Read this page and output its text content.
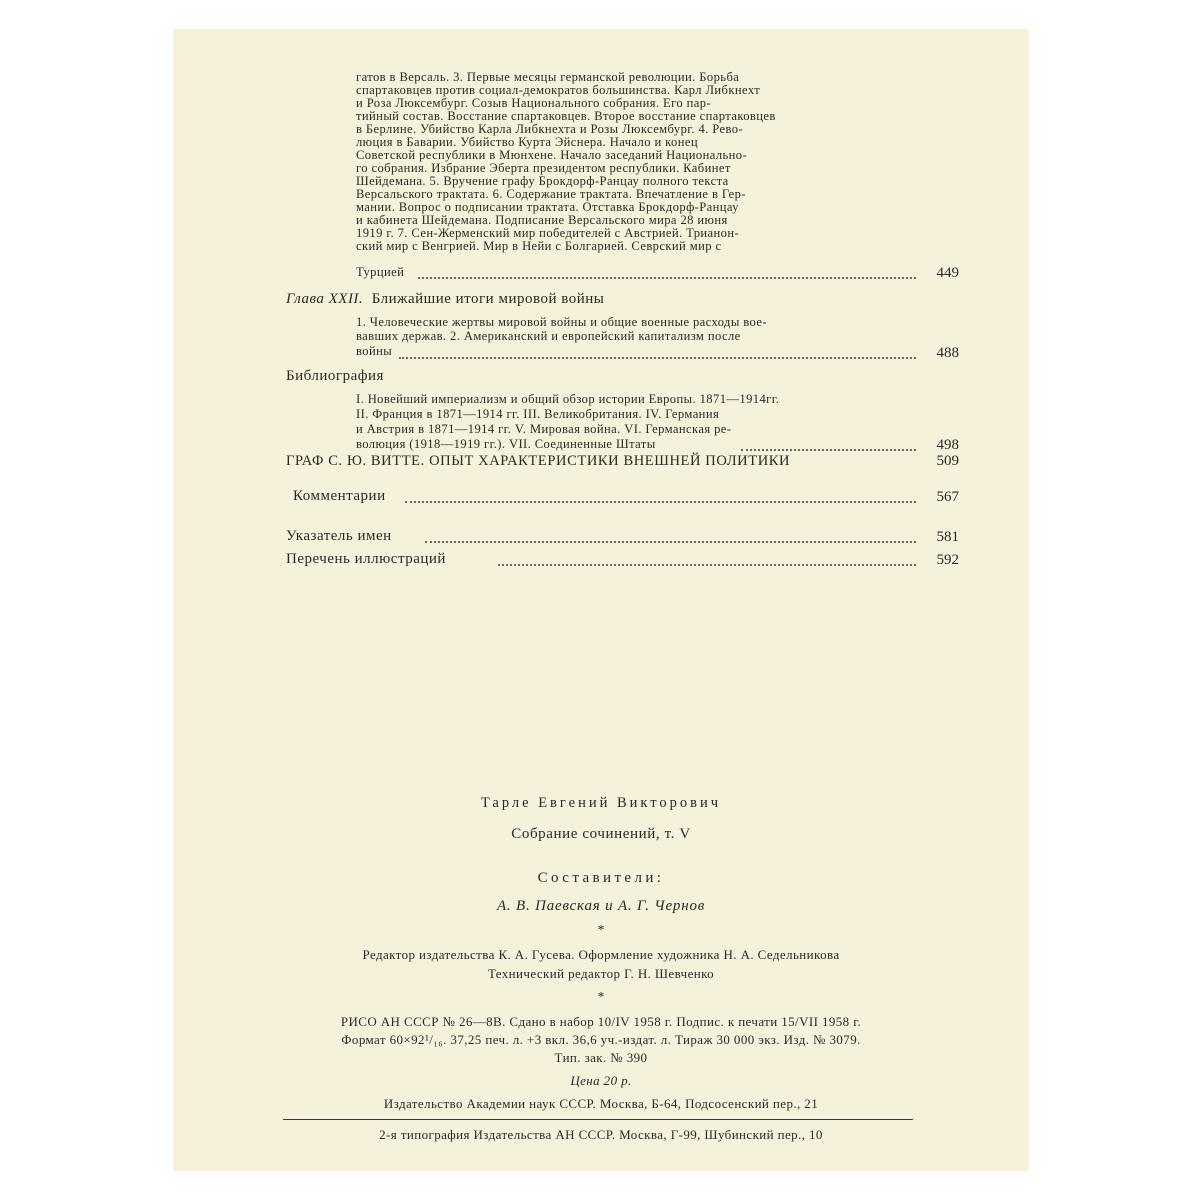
гатов в Версаль. 3. Первые месяцы германской революции. Борьба
спартаковцев против социал-демократов большинства. Карл Либкнехт
и Роза Люксембург. Созыв Национального собрания. Его пар-
тийный состав. Восстание спартаковцев. Второе восстание спартаковцев
в Берлине. Убийство Карла Либкнехта и Розы Люксембург. 4. Рево-
люция в Баварии. Убийство Курта Эйснера. Начало и конец
Советской республики в Мюнхене. Начало заседаний Национально-
го собрания. Избрание Эберта президентом республики. Кабинет
Шейдемана. 5. Вручение графу Брокдорф-Ранцау полного текста
Версальского трактата. 6. Содержание трактата. Впечатление в Гер-
мании. Вопрос о подписании трактата. Отставка Брокдорф-Ранцау
и кабинета Шейдемана. Подписание Версальского мира 28 июня
1919 г. 7. Сен-Жерменский мир победителей с Австрией. Трианон-
ский мир с Венгрией. Мир в Нейи с Болгарией. Севрский мир с
Турцией	449
Глава XXII. Ближайшие итоги мировой войны
1. Человеческие жертвы мировой войны и общие военные расходы вое-
вавших держав. 2. Американский и европейский капитализм после
войны	488
Библиография
I. Новейший империализм и общий обзор истории Европы. 1871—1914гг.
II. Франция в 1871—1914 гг. III. Великобритания. IV. Германия
и Австрия в 1871—1914 гг. V. Мировая война. VI. Германская ре-
волюция (1918—1919 гг.). VII. Соединенные Штаты	498
ГРАФ С. Ю. ВИТТЕ. ОПЫТ ХАРАКТЕРИСТИКИ ВНЕШНЕЙ ПОЛИТИКИ	509
Комментарии	567
Указатель имен	581
Перечень иллюстраций	592
Тарле Евгений Викторович
Собрание сочинений, т. V
Составители:
А. В. Паевская и А. Г. Чернов
*
Редактор издательства К. А. Гусева. Оформление художника Н. А. Седельникова
Технический редактор Г. Н. Шевченко
*
РИСО АН СССР № 26—8В. Сдано в набор 10/IV 1958 г. Подпис. к печати 15/VII 1958 г.
Формат 60×92¹/₁₆. 37,25 печ. л. +3 вкл. 36,6 уч.-издат. л. Тираж 30 000 экз. Изд. № 3079.
Тип. зак. № 390
Цена 20 р.
Издательство Академии наук СССР. Москва, Б-64, Подсосенский пер., 21
2-я типография Издательства АН СССР. Москва, Г-99, Шубинский пер., 10
